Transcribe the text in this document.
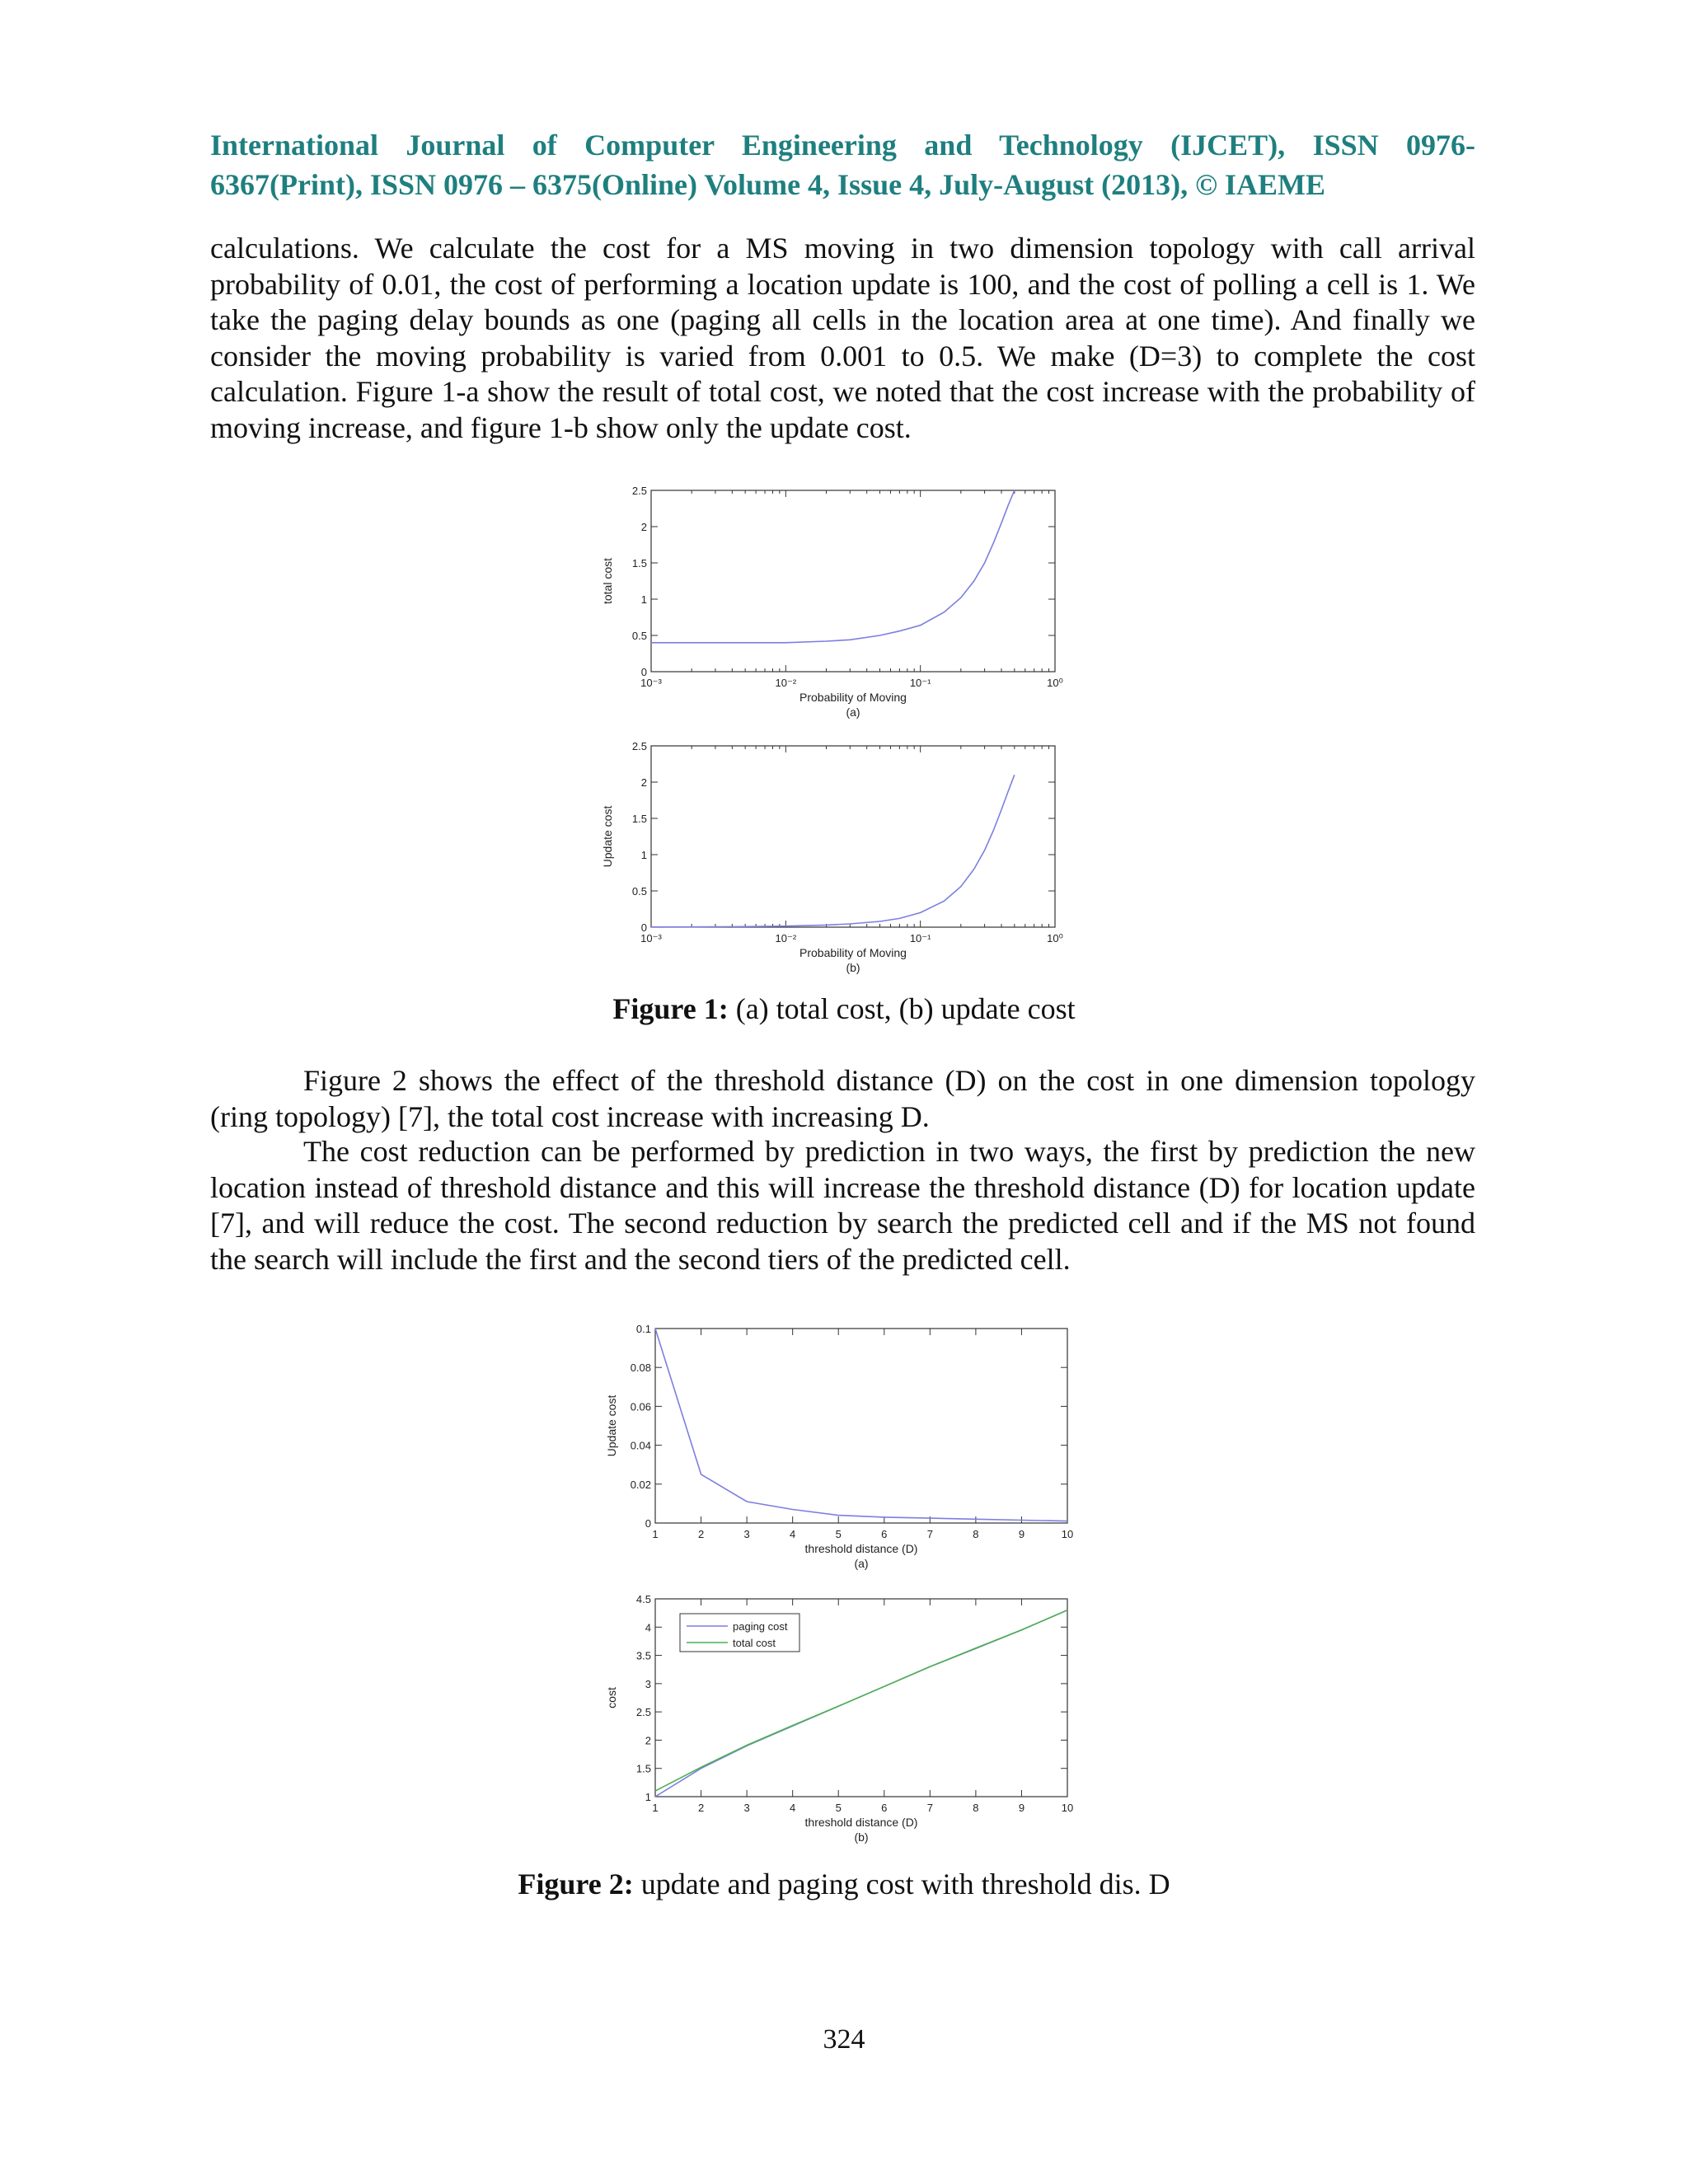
International Journal of Computer Engineering and Technology (IJCET), ISSN 0976-
6367(Print), ISSN 0976 – 6375(Online) Volume 4, Issue 4, July-August (2013), © IAEME

calculations. We calculate the cost for a MS moving in two dimension topology with call arrival probability of 0.01, the cost of performing a location update is 100, and the cost of polling a cell is 1. We take the paging delay bounds as one (paging all cells in the location area at one time). And finally we consider the moving probability is varied from 0.001 to 0.5. We make (D=3) to complete the cost calculation. Figure 1-a show the result of total cost, we noted that the cost increase with the probability of moving increase, and figure 1-b show only the update cost.

10⁻³	10⁻²	10⁻¹	10⁰
0
0.5
1
1.5
2
2.5
Probability of Moving
(a)
total cost
10⁻³	10⁻²	10⁻¹	10⁰
0
0.5
1
1.5
2
2.5
Probability of Moving
(b)
Update cost
Figure 1: (a) total cost, (b) update cost

Figure 2 shows the effect of the threshold distance (D) on the cost in one dimension topology (ring topology) [7], the total cost increase with increasing D.

The cost reduction can be performed by prediction in two ways, the first by prediction the new location instead of threshold distance and this will increase the threshold distance (D) for location update [7], and will reduce the cost. The second reduction by search the predicted cell and if the MS not found the search will include the first and the second tiers of the predicted cell.

1	2	3	4	5	6	7	8	9	10
0
0.02
0.04
0.06
0.08
0.1
threshold distance (D)
(a)
Update cost
1	2	3	4	5	6	7	8	9	10
1
1.5
2
2.5
3
3.5
4
4.5
threshold distance (D)
(b)
cost
paging cost
total cost
Figure 2: update and paging cost with threshold dis. D
324
